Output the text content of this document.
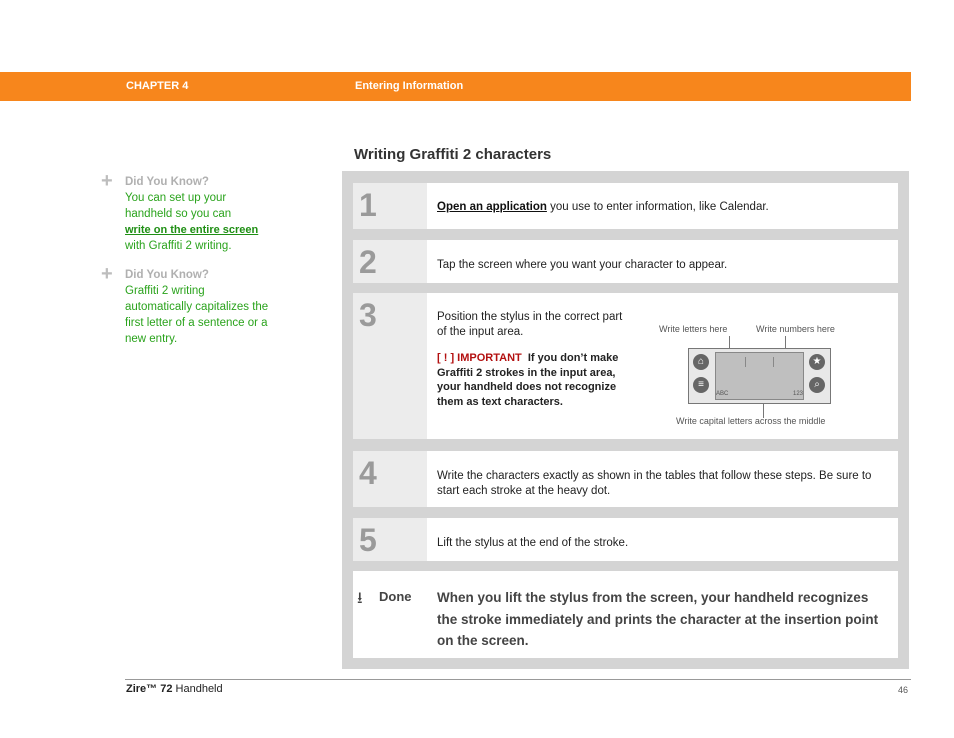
CHAPTER 4	Entering Information
Writing Graffiti 2 characters
+ Did You Know?
You can set up your handheld so you can
write on the entire screen
with Graffiti 2 writing.
+ Did You Know?
Graffiti 2 writing automatically capitalizes the first letter of a sentence or a new entry.
1	Open an application you use to enter information, like Calendar.
2	Tap the screen where you want your character to appear.
3	Position the stylus in the correct part of the input area.
[ ! ] IMPORTANT If you don’t make Graffiti 2 strokes in the input area, your handheld does not recognize them as text characters.
Write letters here	Write numbers here
⌂
≡
★
⌕
ABC	123
Write capital letters across the middle
4	Write the characters exactly as shown in the tables that follow these steps. Be sure to start each stroke at the heavy dot.
5	Lift the stylus at the end of the stroke.
⭳ Done When you lift the stylus from the screen, your handheld recognizes the stroke immediately and prints the character at the insertion point on the screen.
Zire™ 72 Handheld	46
